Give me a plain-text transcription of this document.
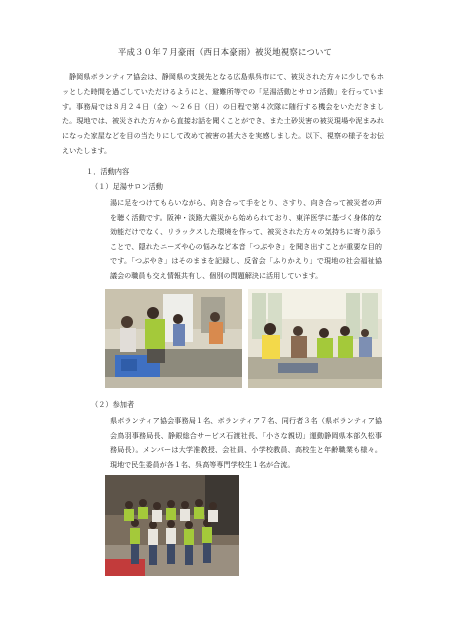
平成３０年７月豪雨（西日本豪雨）被災地視察について
静岡県ボランティア協会は、静岡県の支援先となる広島県呉市にて、被災された方々に少しでもホッとした時間を過ごしていただけるようにと、避難所等での「足湯活動とサロン活動」を行っています。事務局では８月２４日（金）～２６日（日）の日程で第４次隊に随行する機会をいただきました。現地では、被災された方々から直接お話を聞くことができ、また土砂災害の被災現場や泥まみれになった家屋などを目の当たりにして改めて被害の甚大さを実感しました。以下、視察の様子をお伝えいたします。
１．活動内容
（１）足湯サロン活動
湯に足をつけてもらいながら、向き合って手をとり、さすり、向き合って被災者の声を聴く活動です。阪神・淡路大震災から始められており、東洋医学に基づく身体的な効能だけでなく、リラックスした環境を作って、被災された方々の気持ちに寄り添うことで、隠れたニーズや心の悩みなど本音「つぶやき」を聞き出すことが重要な目的です。「つぶやき」はそのままを記録し、反省会「ふりかえり」で現地の社会福祉協議会の職員も交え情報共有し、個別の問題解決に活用しています。
（２）参加者
県ボランティア協会事務局１名、ボランティア７名、同行者３名（県ボランティア協会鳥羽事務局長、静銀総合サービス石渡社長、「小さな親切」運動静岡県本部久松事務局長）。メンバーは大学准教授、会社員、小学校教員、高校生と年齢職業も様々。現地で民生委員が各１名、呉高等専門学校生１名が合流。
